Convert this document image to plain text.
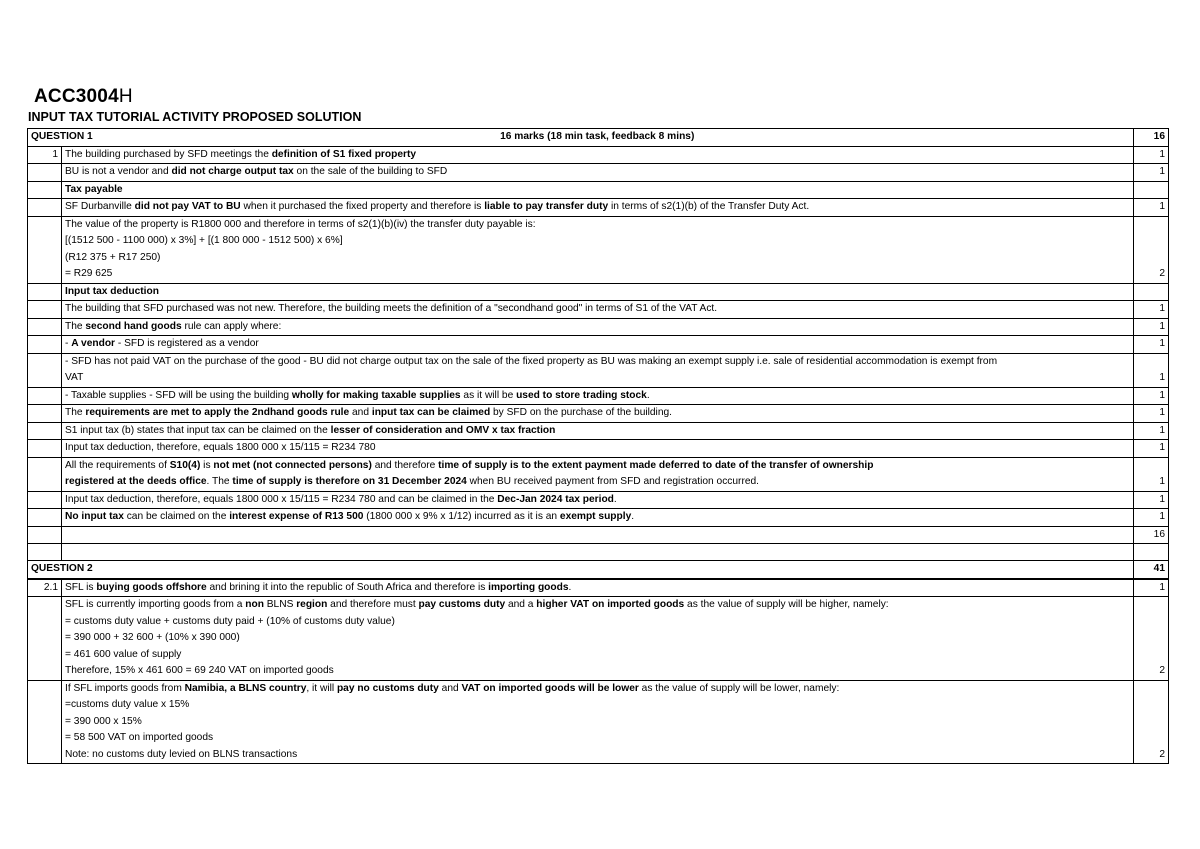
ACC3004H
INPUT TAX TUTORIAL ACTIVITY PROPOSED SOLUTION
QUESTION 1	16 marks (18 min task, feedback 8 mins)	16
1	The building purchased by SFD meetings the definition of S1 fixed property	1

	BU is not a vendor and did not charge output tax on the sale of the building to SFD	1

	Tax payable	

	SF Durbanville did not pay VAT to BU when it purchased the fixed property and therefore is liable to pay transfer duty in terms of s2(1)(b) of the Transfer Duty Act.	1

	The value of the property is R1800 000 and therefore in terms of s2(1)(b)(iv) the transfer duty payable is:
[(1512 500 - 1100 000) x 3%] + [(1 800 000 - 1512 500) x 6%]
(R12 375 + R17 250)
= R29 625	2

	Input tax deduction	

	The building that SFD purchased was not new. Therefore, the building meets the definition of a "secondhand good" in terms of S1 of the VAT Act.	1

	The second hand goods rule can apply where:	1

	- A vendor - SFD is registered as a vendor	1

	- SFD has not paid VAT on the purchase of the good - BU did not charge output tax on the sale of the fixed property as BU was making an exempt supply i.e. sale of residential accommodation is exempt from
VAT	1

	- Taxable supplies - SFD will be using the building wholly for making taxable supplies as it will be used to store trading stock.	1

	The requirements are met to apply the 2ndhand goods rule and input tax can be claimed by SFD on the purchase of the building.	1

	S1 input tax (b) states that input tax can be claimed on the lesser of consideration and OMV x tax fraction	1

	Input tax deduction, therefore, equals 1800 000 x 15/115 = R234 780	1

	All the requirements of S10(4) is not met (not connected persons) and therefore time of supply is to the extent payment made deferred to date of the transfer of ownership
registered at the deeds office. The time of supply is therefore on 31 December 2024 when BU received payment from SFD and registration occurred.	1

	Input tax deduction, therefore, equals 1800 000 x 15/115 = R234 780 and can be claimed in the Dec-Jan 2024 tax period.	1

	No input tax can be claimed on the interest expense of R13 500 (1800 000 x 9% x 1/12) incurred as it is an exempt supply.	1
		16

QUESTION 2		41
2.1	SFL is buying goods offshore and brining it into the republic of South Africa and therefore is importing goods.	1

	SFL is currently importing goods from a non BLNS region and therefore must pay customs duty and a higher VAT on imported goods as the value of supply will be higher, namely:
= customs duty value + customs duty paid + (10% of customs duty value)
= 390 000 + 32 600 + (10% x 390 000)
= 461 600 value of supply
Therefore, 15% x 461 600 = 69 240 VAT on imported goods	2

	If SFL imports goods from Namibia, a BLNS country, it will pay no customs duty and VAT on imported goods will be lower as the value of supply will be lower, namely:
=customs duty value x 15%
= 390 000 x 15%
= 58 500 VAT on imported goods
Note: no customs duty levied on BLNS transactions	2
